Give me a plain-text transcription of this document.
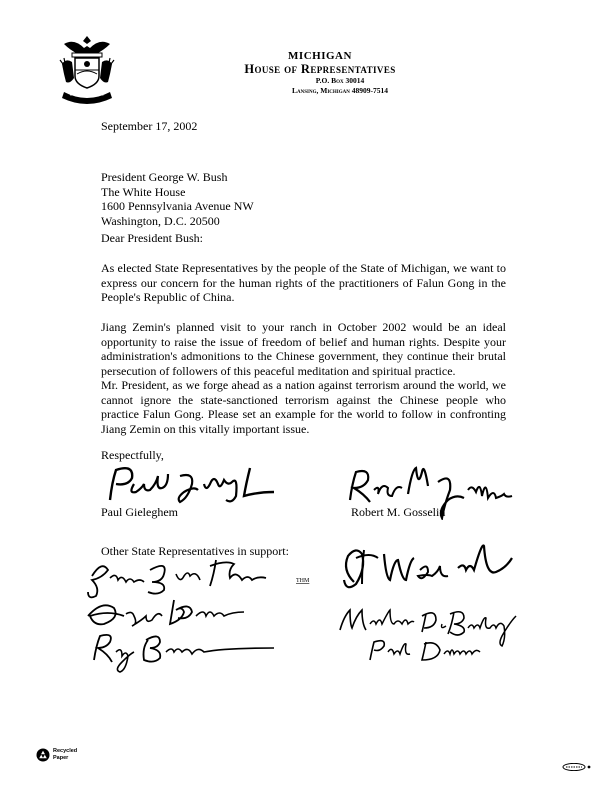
MICHIGAN
House of Representatives
P.O. Box 30014
Lansing, Michigan 48909-7514
September 17, 2002
President George W. Bush
The White House
1600 Pennsylvania Avenue NW
Washington, D.C. 20500
Dear President Bush:
As elected State Representatives by the people of the State of Michigan, we want to express our concern for the human rights of the practitioners of Falun Gong in the People's Republic of China.
Jiang Zemin's planned visit to your ranch in October 2002 would be an ideal opportunity to raise the issue of freedom of belief and human rights. Despite your administration's admonitions to the Chinese government, they continue their brutal persecution of followers of this peaceful meditation and spiritual practice.
Mr. President, as we forge ahead as a nation against terrorism around the world, we cannot ignore the state-sanctioned terrorism against the Chinese people who practice Falun Gong. Please set an example for the world to follow in confronting Jiang Zemin on this vitally important issue.
Respectfully,
Paul Gieleghem	Robert M. Gosselin
Other State Representatives in support:
THM
Recycled
Paper
